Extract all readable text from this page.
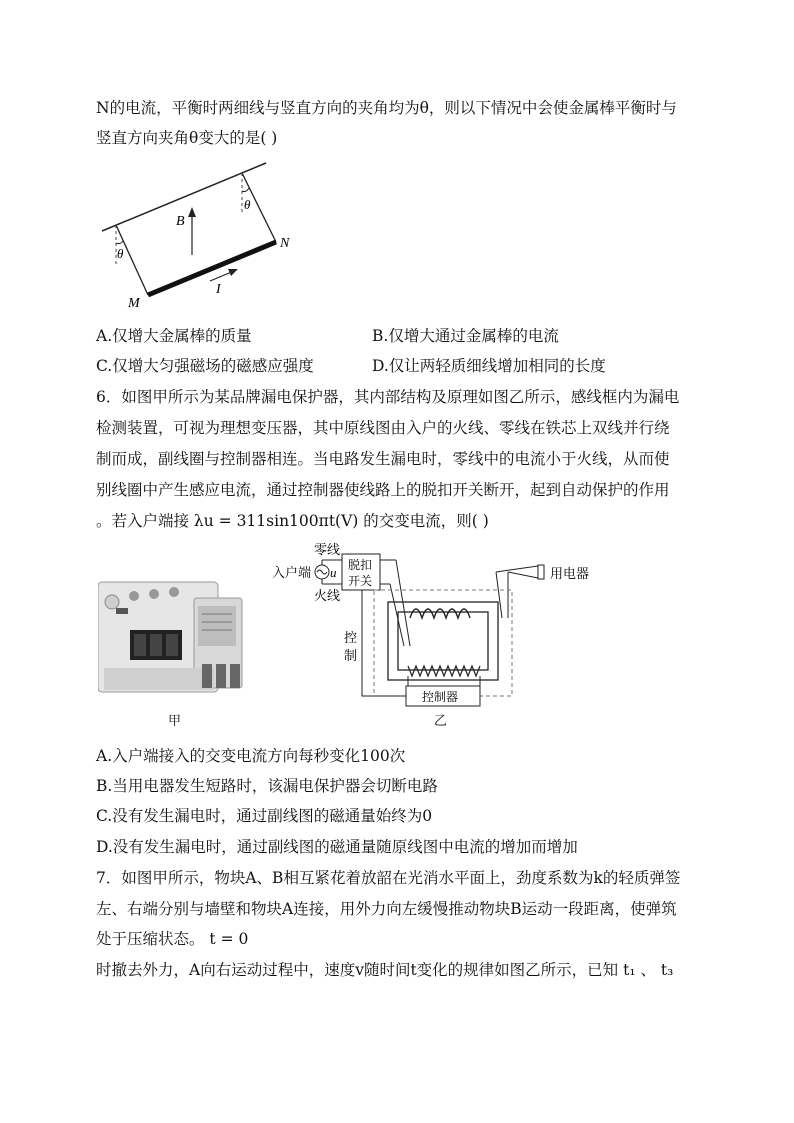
N的电流，平衡时两细线与竖直方向的夹角均为θ，则以下情况中会使金属棒平衡时与
竖直方向夹角θ变大的是( )
B
θ
θ
N
M
I
A.仅增大金属棒的质量	B.仅增大通过金属棒的电流
C.仅增大匀强磁场的磁感应强度	D.仅让两轻质细线增加相同的长度
6．如图甲所示为某品牌漏电保护器，其内部结构及原理如图乙所示，感线框内为漏电
检测装置，可视为理想变压器，其中原线图由入户的火线、零线在铁芯上双线并行绕
制而成，副线圈与控制器相连。当电路发生漏电时，零线中的电流小于火线，从而使
别线圈中产生感应电流，通过控制器使线路上的脱扣开关断开，起到自动保护的作用
。若入户端接 λu = 311sin100πt(V) 的交变电流，则( )
甲
零线
入户端
火线
u 脱扣
开关	用电器
控制器
控
制
乙
A.入户端接入的交变电流方向每秒变化100次
B.当用电器发生短路时，该漏电保护器会切断电路
C.没有发生漏电时，通过副线图的磁通量始终为0
D.没有发生漏电时，通过副线图的磁通量随原线图中电流的增加而增加
7．如图甲所示，物块A、B相互紧花着放韶在光消水平面上，劲度系数为k的轻质弹签
左、右端分别与墙壁和物块A连接，用外力向左缓慢推动物块B运动一段距离，使弹筑
处于压缩状态。 t = 0
时撤去外力，A向右运动过程中，速度v随时间t变化的规律如图乙所示，已知 t₁ 、 t₃
